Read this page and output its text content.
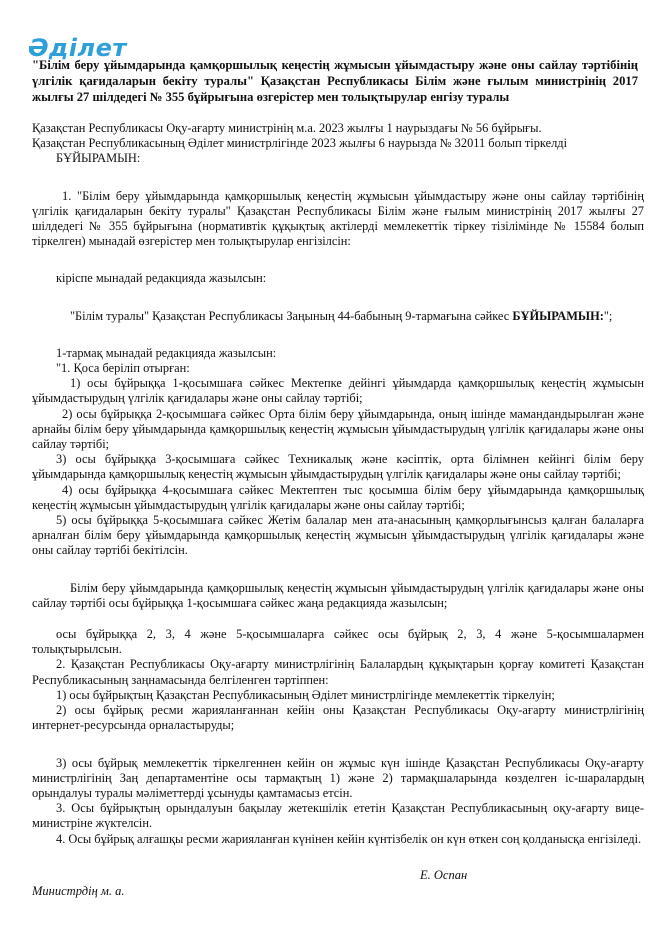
Әділет
"Білім беру ұйымдарында қамқоршылық кеңестің жұмысын ұйымдастыру және оны сайлау тәртібінің үлгілік қағидаларын бекіту туралы" Қазақстан Республикасы Білім және ғылым министрінің 2017 жылғы 27 шілдедегі № 355 бұйрығына өзгерістер мен толықтырулар енгізу туралы

Қазақстан Республикасы Оқу-ағарту министрінің м.а. 2023 жылғы 1 наурыздағы № 56 бұйрығы.

Қазақстан Республикасының Әділет министрлігінде 2023 жылғы 6 наурызда № 32011 болып тіркелді

БҰЙЫРАМЫН:

1. "Білім беру ұйымдарында қамқоршылық кеңестің жұмысын ұйымдастыру және оны сайлау тәртібінің үлгілік қағидаларын бекіту туралы" Қазақстан Республикасы Білім және ғылым министрінің 2017 жылғы 27 шілдедегі № 355 бұйрығына (нормативтік құқықтық актілерді мемлекеттік тіркеу тізілімінде № 15584 болып тіркелген) мынадай өзгерістер мен толықтырулар енгізілсін:

кіріспе мынадай редакцияда жазылсын:

"Білім туралы" Қазақстан Республикасы Заңының 44-бабының 9-тармағына сәйкес БҰЙЫРАМЫН:";

1-тармақ мынадай редакцияда жазылсын:

"1. Қоса беріліп отырған:

1) осы бұйрыққа 1-қосымшаға сәйкес Мектепке дейінгі ұйымдарда қамқоршылық кеңестің жұмысын ұйымдастырудың үлгілік қағидалары және оны сайлау тәртібі;

2) осы бұйрыққа 2-қосымшаға сәйкес Орта білім беру ұйымдарында, оның ішінде мамандандырылған және арнайы білім беру ұйымдарында қамқоршылық кеңестің жұмысын ұйымдастырудың үлгілік қағидалары және оны сайлау тәртібі;

3) осы бұйрыққа 3-қосымшаға сәйкес Техникалық және кәсіптік, орта білімнен кейінгі білім беру ұйымдарында қамқоршылық кеңестің жұмысын ұйымдастырудың үлгілік қағидалары және оны сайлау тәртібі;

4) осы бұйрыққа 4-қосымшаға сәйкес Мектептен тыс қосымша білім беру ұйымдарында қамқоршылық кеңестің жұмысын ұйымдастырудың үлгілік қағидалары және оны сайлау тәртібі;

5) осы бұйрыққа 5-қосымшаға сәйкес Жетім балалар мен ата-анасының қамқорлығынсыз қалған балаларға арналған білім беру ұйымдарында қамқоршылық кеңестің жұмысын ұйымдастырудың үлгілік қағидалары және оны сайлау тәртібі бекітілсін.

Білім беру ұйымдарында қамқоршылық кеңестің жұмысын ұйымдастырудың үлгілік қағидалары және оны сайлау тәртібі осы бұйрыққа 1-қосымшаға сәйкес жаңа редакцияда жазылсын;

осы бұйрыққа 2, 3, 4 және 5-қосымшаларға сәйкес осы бұйрық 2, 3, 4 және 5-қосымшалармен толықтырылсын.

2. Қазақстан Республикасы Оқу-ағарту министрлігінің Балалардың құқықтарын қорғау комитеті Қазақстан Республикасының заңнамасында белгіленген тәртіппен:

1) осы бұйрықтың Қазақстан Республикасының Әділет министрлігінде мемлекеттік тіркелуін;

2) осы бұйрық ресми жарияланғаннан кейін оны Қазақстан Республикасы Оқу-ағарту министрлігінің интернет-ресурсында орналастыруды;

3) осы бұйрық мемлекеттік тіркелгеннен кейін он жұмыс күн ішінде Қазақстан Республикасы Оқу-ағарту министрлігінің Заң департаментіне осы тармақтың 1) және 2) тармақшаларында көзделген іс-шаралардың орындалуы туралы мәліметтерді ұсынуды қамтамасыз етсін.

3. Осы бұйрықтың орындалуын бақылау жетекшілік ететін Қазақстан Республикасының оқу-ағарту вице-министріне жүктелсін.

4. Осы бұйрық алғашқы ресми жарияланған күнінен кейін күнтізбелік он күн өткен соң қолданысқа енгізіледі.

Е. Оспан
Министрдің м. а.
